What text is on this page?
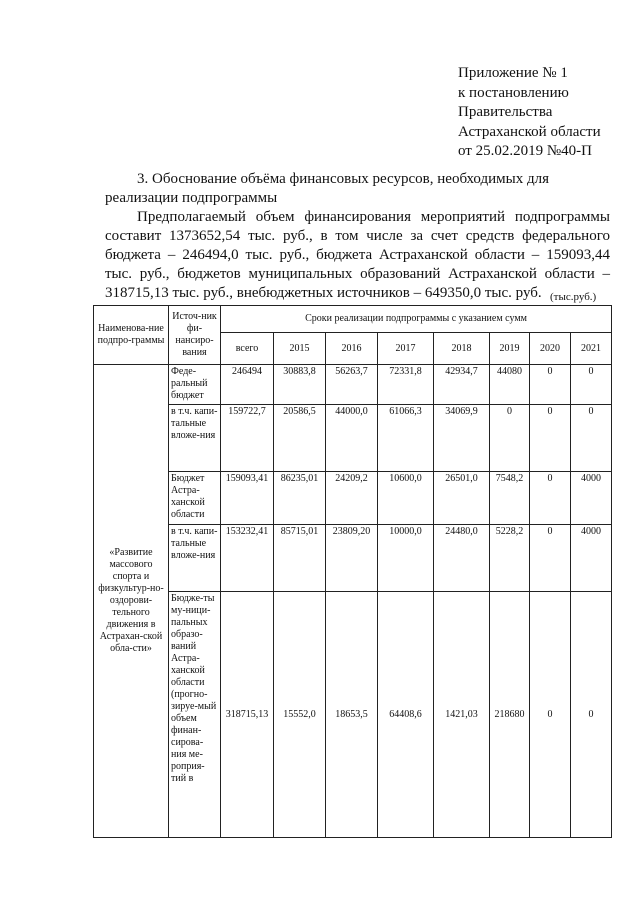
Приложение № 1
к постановлению
Правительства
Астраханской области
от 25.02.2019 №40-П
3. Обоснование объёма финансовых ресурсов, необходимых для реализации подпрограммы
Предполагаемый объем финансирования мероприятий подпрограммы составит 1373652,54 тыс. руб., в том числе за счет средств федерального бюджета – 246494,0 тыс. руб., бюджета Астраханской области – 159093,44 тыс. руб., бюджетов муниципальных образований Астраханской области – 318715,13 тыс. руб., внебюджетных источников – 649350,0 тыс. руб. (тыс.руб.)
Наименова-ние подпро-граммы	Источ-ник фи-нансиро-вания	Сроки реализации подпрограммы с указанием сумм							
		всего	2015	2016	2017	2018	2019	2020	2021
«Развитие массового спорта и физкультур-но-оздорови-тельного движения в Астрахан-ской обла-сти»	Феде-ральный бюджет	246494	30883,8	56263,7	72331,8	42934,7	44080	0	0
	в т.ч. капи-тальные вложе-ния	159722,7	20586,5	44000,0	61066,3	34069,9	0	0	0
	Бюджет Астра-ханской области	159093,41	86235,01	24209,2	10600,0	26501,0	7548,2	0	4000
	в т.ч. капи-тальные вложе-ния	153232,41	85715,01	23809,20	10000,0	24480,0	5228,2	0	4000
	Бюдже-ты му-ници-пальных образо-ваний Астра-ханской области (прогно-зируе-мый объем финан-сирова-ния ме-роприя-тий в	318715,13	15552,0	18653,5	64408,6	1421,03	218680	0	0
